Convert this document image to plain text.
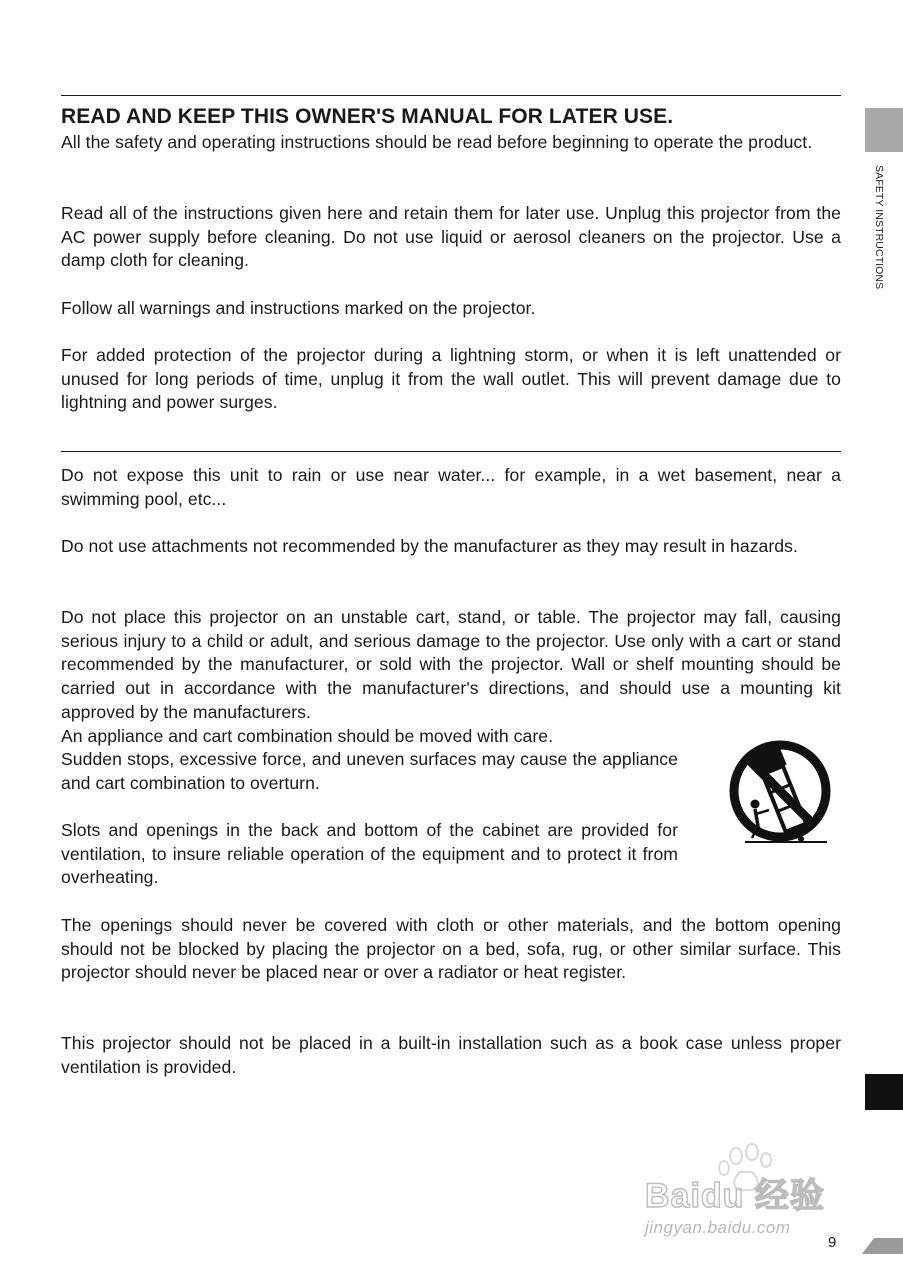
READ AND KEEP THIS OWNER'S MANUAL FOR LATER USE.

All the safety and operating instructions should be read before beginning to operate the product.

Read all of the instructions given here and retain them for later use. Unplug this projector from the AC power supply before cleaning. Do not use liquid or aerosol cleaners on the projector. Use a damp cloth for cleaning.

Follow all warnings and instructions marked on the projector.

For added protection of the projector during a lightning storm, or when it is left unattended or unused for long periods of time, unplug it from the wall outlet. This will prevent damage due to lightning and power surges.

Do not expose this unit to rain or use near water... for example, in a wet basement, near a swimming pool, etc...

Do not use attachments not recommended by the manufacturer as they may result in hazards.

Do not place this projector on an unstable cart, stand, or table. The projector may fall, causing serious injury to a child or adult, and serious damage to the projector. Use only with a cart or stand recommended by the manufacturer, or sold with the projector. Wall or shelf mounting should be carried out in accordance with the manufacturer's directions, and should use a mounting kit approved by the manufacturers.

An appliance and cart combination should be moved with care.

Sudden stops, excessive force, and uneven surfaces may cause the appliance and cart combination to overturn.

Slots and openings in the back and bottom of the cabinet are provided for ventilation, to insure reliable operation of the equipment and to protect it from overheating.

The openings should never be covered with cloth or other materials, and the bottom opening should not be blocked by placing the projector on a bed, sofa, rug, or other similar surface. This projector should never be placed near or over a radiator or heat register.

This projector should not be placed in a built-in installation such as a book case unless proper ventilation is provided.

SAFETY INSTRUCTIONS
Baidu 经验
jingyan.baidu.com
9
